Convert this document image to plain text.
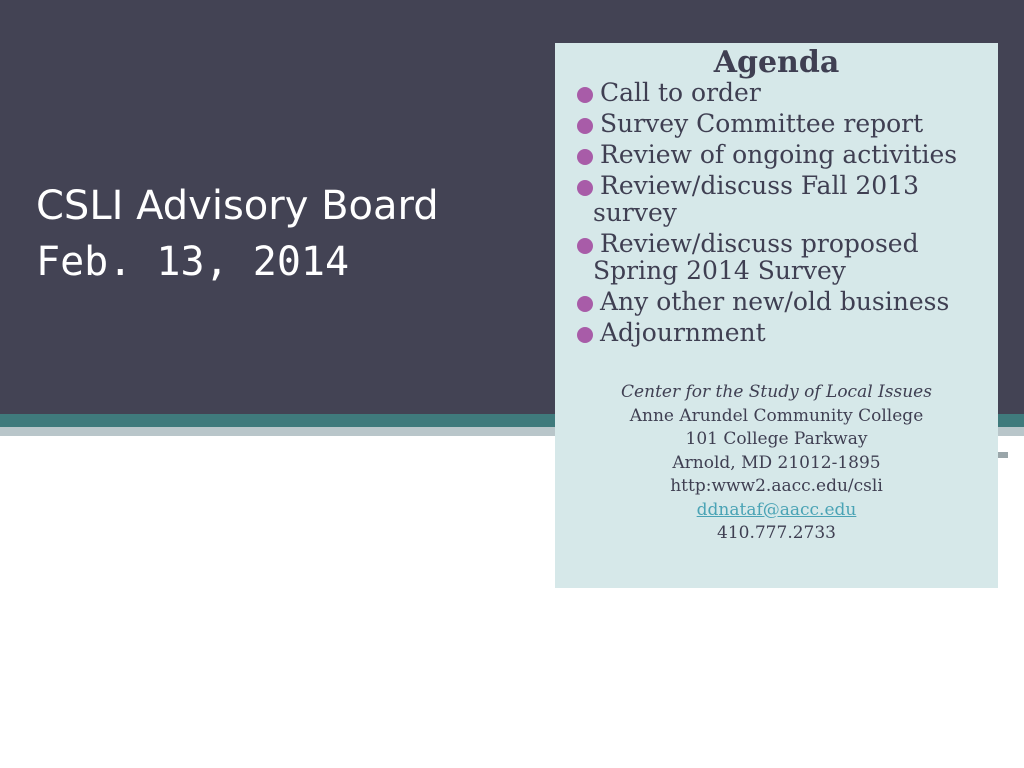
CSLI Advisory Board
Feb. 13, 2014
Agenda
Call to order
Survey Committee report
Review of ongoing activities
Review/discuss Fall 2013
survey
Review/discuss proposed
Spring 2014 Survey
Any other new/old business
Adjournment
Center for the Study of Local Issues
Anne Arundel Community College
101 College Parkway
Arnold, MD 21012-1895
http:www2.aacc.edu/csli
ddnataf@aacc.edu
410.777.2733
